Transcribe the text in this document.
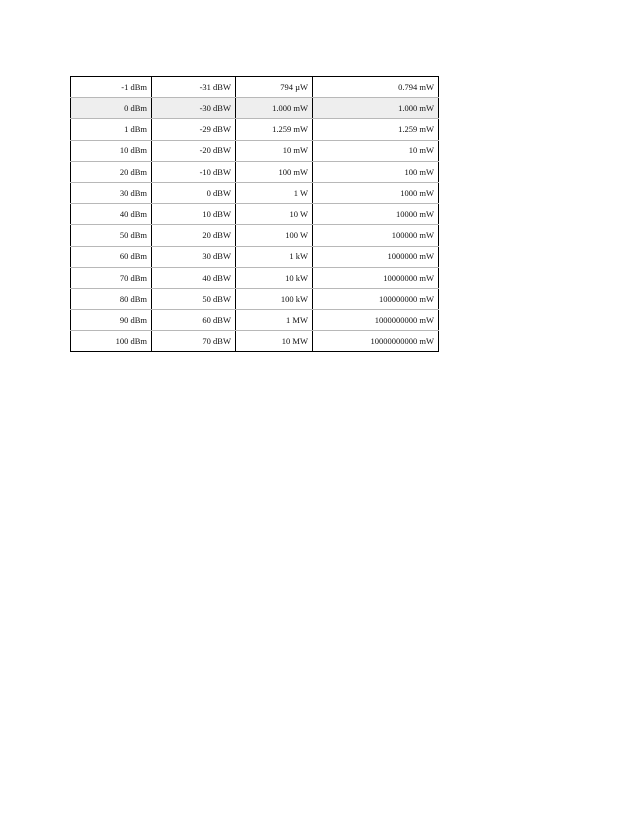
-1 dBm	-31 dBW	794 µW	0.794 mW
0 dBm	-30 dBW	1.000 mW	1.000 mW
1 dBm	-29 dBW	1.259 mW	1.259 mW
10 dBm	-20 dBW	10 mW	10 mW
20 dBm	-10 dBW	100 mW	100 mW
30 dBm	0 dBW	1 W	1000 mW
40 dBm	10 dBW	10 W	10000 mW
50 dBm	20 dBW	100 W	100000 mW
60 dBm	30 dBW	1 kW	1000000 mW
70 dBm	40 dBW	10 kW	10000000 mW
80 dBm	50 dBW	100 kW	100000000 mW
90 dBm	60 dBW	1 MW	1000000000 mW
100 dBm	70 dBW	10 MW	10000000000 mW
